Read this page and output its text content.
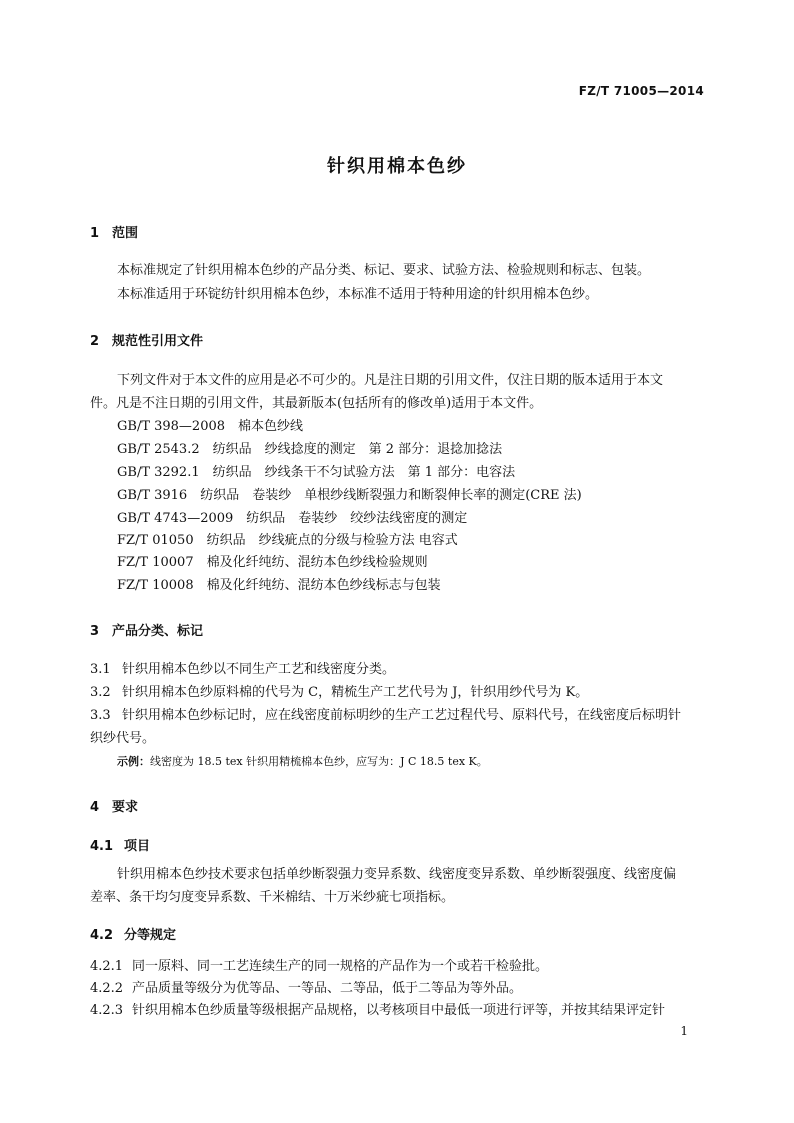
FZ/T 71005—2014
针织用棉本色纱
1 范围
本标准规定了针织用棉本色纱的产品分类、标记、要求、试验方法、检验规则和标志、包装。
本标准适用于环锭纺针织用棉本色纱，本标准不适用于特种用途的针织用棉本色纱。
2 规范性引用文件
下列文件对于本文件的应用是必不可少的。凡是注日期的引用文件，仅注日期的版本适用于本文
件。凡是不注日期的引用文件，其最新版本(包括所有的修改单)适用于本文件。
GB/T 398—2008　棉本色纱线
GB/T 2543.2　纺织品　纱线捻度的测定　第 2 部分：退捻加捻法
GB/T 3292.1　纺织品　纱线条干不匀试验方法　第 1 部分：电容法
GB/T 3916　纺织品　卷装纱　单根纱线断裂强力和断裂伸长率的测定(CRE 法)
GB/T 4743—2009　纺织品　卷装纱　绞纱法线密度的测定
FZ/T 01050　纺织品　纱线疵点的分级与检验方法 电容式
FZ/T 10007　棉及化纤纯纺、混纺本色纱线检验规则
FZ/T 10008　棉及化纤纯纺、混纺本色纱线标志与包装
3 产品分类、标记
3.1 针织用棉本色纱以不同生产工艺和线密度分类。
3.2 针织用棉本色纱原料棉的代号为 C，精梳生产工艺代号为 J，针织用纱代号为 K。
3.3 针织用棉本色纱标记时，应在线密度前标明纱的生产工艺过程代号、原料代号，在线密度后标明针
织纱代号。
示例：线密度为 18.5 tex 针织用精梳棉本色纱，应写为：J C 18.5 tex K。
4 要求
4.1 项目
针织用棉本色纱技术要求包括单纱断裂强力变异系数、线密度变异系数、单纱断裂强度、线密度偏
差率、条干均匀度变异系数、千米棉结、十万米纱疵七项指标。
4.2 分等规定
4.2.1 同一原料、同一工艺连续生产的同一规格的产品作为一个或若干检验批。
4.2.2 产品质量等级分为优等品、一等品、二等品，低于二等品为等外品。
4.2.3 针织用棉本色纱质量等级根据产品规格，以考核项目中最低一项进行评等，并按其结果评定针
1
